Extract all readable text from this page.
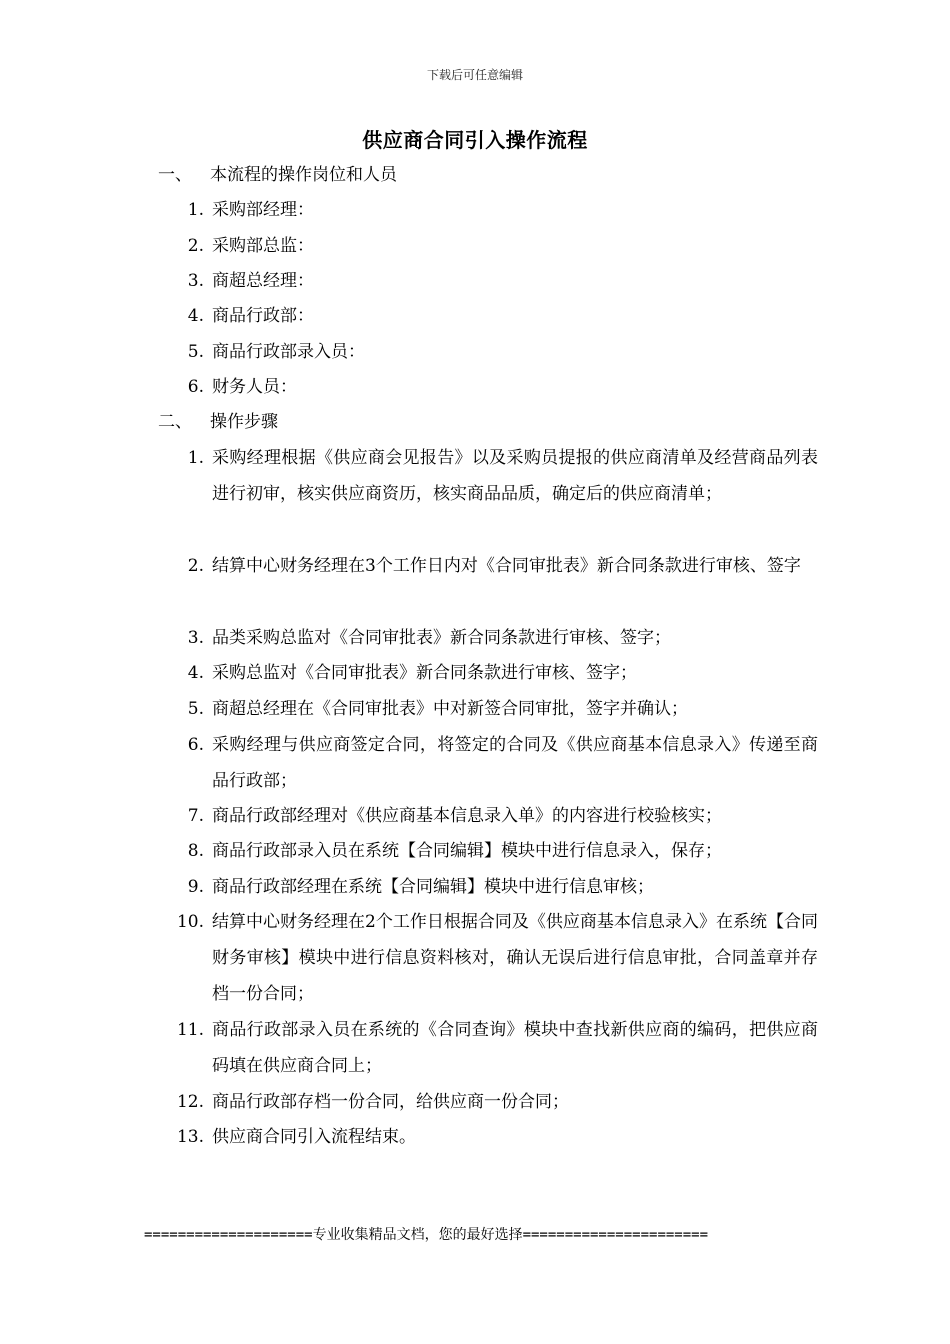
下载后可任意编辑
供应商合同引入操作流程
一、 本流程的操作岗位和人员
1. 采购部经理：
2. 采购部总监：
3. 商超总经理：
4. 商品行政部：
5. 商品行政部录入员：
6. 财务人员：
二、 操作步骤
1. 采购经理根据《供应商会见报告》以及采购员提报的供应商清单及经营商品列表进行初审，核实供应商资历，核实商品品质，确定后的供应商清单；
2. 结算中心财务经理在3个工作日内对《合同审批表》新合同条款进行审核、签字
3. 品类采购总监对《合同审批表》新合同条款进行审核、签字；
4. 采购总监对《合同审批表》新合同条款进行审核、签字；
5. 商超总经理在《合同审批表》中对新签合同审批，签字并确认；
6. 采购经理与供应商签定合同，将签定的合同及《供应商基本信息录入》传递至商品行政部；
7. 商品行政部经理对《供应商基本信息录入单》的内容进行校验核实；
8. 商品行政部录入员在系统【合同编辑】模块中进行信息录入，保存；
9. 商品行政部经理在系统【合同编辑】模块中进行信息审核；
10. 结算中心财务经理在2个工作日根据合同及《供应商基本信息录入》在系统【合同财务审核】模块中进行信息资料核对，确认无误后进行信息审批，合同盖章并存档一份合同；
11. 商品行政部录入员在系统的《合同查询》模块中查找新供应商的编码，把供应商码填在供应商合同上；
12. 商品行政部存档一份合同，给供应商一份合同；
13. 供应商合同引入流程结束。
====================专业收集精品文档，您的最好选择======================
